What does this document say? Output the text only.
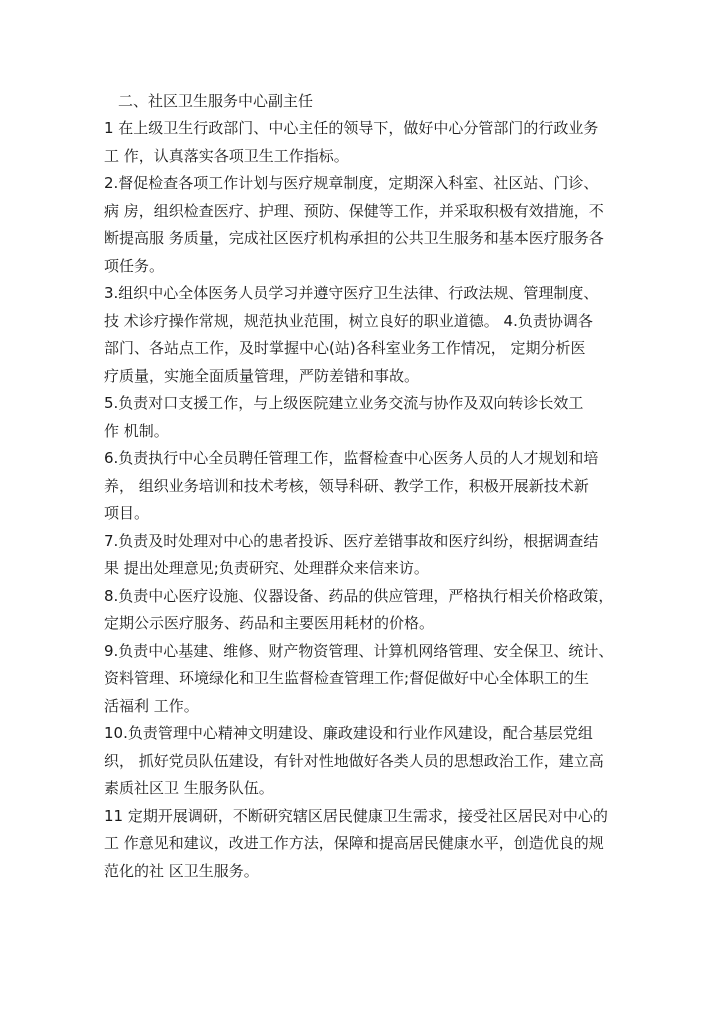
二、社区卫生服务中心副主任

1 在上级卫生行政部门、中心主任的领导下，做好中心分管部门的行政业务
工 作，认真落实各项卫生工作指标。

2.督促检查各项工作计划与医疗规章制度，定期深入科室、社区站、门诊、
病 房，组织检查医疗、护理、预防、保健等工作，并采取积极有效措施，不
断提高服 务质量，完成社区医疗机构承担的公共卫生服务和基本医疗服务各
项任务。

3.组织中心全体医务人员学习并遵守医疗卫生法律、行政法规、管理制度、
技 术诊疗操作常规，规范执业范围，树立良好的职业道德。 4.负责协调各
部门、各站点工作，及时掌握中心(站)各科室业务工作情况， 定期分析医
疗质量，实施全面质量管理，严防差错和事故。

5.负责对口支援工作，与上级医院建立业务交流与协作及双向转诊长效工
作 机制。

6.负责执行中心全员聘任管理工作，监督检查中心医务人员的人才规划和培
养， 组织业务培训和技术考核，领导科研、教学工作，积极开展新技术新
项目。

7.负责及时处理对中心的患者投诉、医疗差错事故和医疗纠纷，根据调查结
果 提出处理意见;负责研究、处理群众来信来访。

8.负责中心医疗设施、仪器设备、药品的供应管理，严格执行相关价格政策，
定期公示医疗服务、药品和主要医用耗材的价格。

9.负责中心基建、维修、财产物资管理、计算机网络管理、安全保卫、统计、
资料管理、环境绿化和卫生监督检查管理工作;督促做好中心全体职工的生
活福利 工作。

10.负责管理中心精神文明建设、廉政建设和行业作风建设，配合基层党组
织， 抓好党员队伍建设，有针对性地做好各类人员的思想政治工作，建立高
素质社区卫 生服务队伍。

11 定期开展调研，不断研究辖区居民健康卫生需求，接受社区居民对中心的
工 作意见和建议，改进工作方法，保障和提高居民健康水平，创造优良的规
范化的社 区卫生服务。
